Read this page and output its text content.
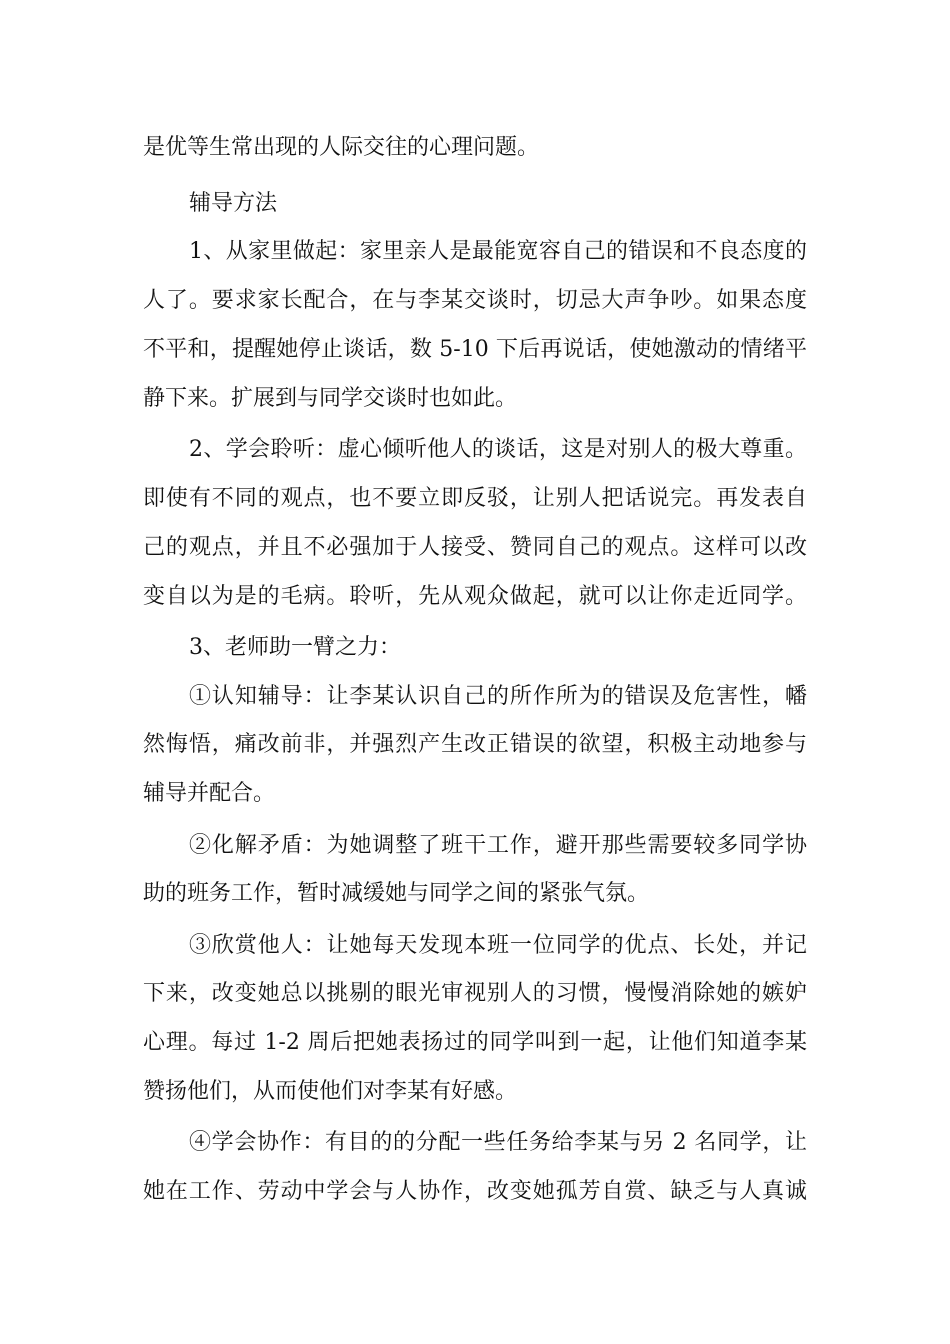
是优等生常出现的人际交往的心理问题。
辅导方法
1、从家里做起：家里亲人是最能宽容自己的错误和不良态度的
人了。要求家长配合，在与李某交谈时，切忌大声争吵。如果态度
不平和，提醒她停止谈话，数 5-10 下后再说话，使她激动的情绪平
静下来。扩展到与同学交谈时也如此。
2、学会聆听：虚心倾听他人的谈话，这是对别人的极大尊重。
即使有不同的观点，也不要立即反驳，让别人把话说完。再发表自
己的观点，并且不必强加于人接受、赞同自己的观点。这样可以改
变自以为是的毛病。聆听，先从观众做起，就可以让你走近同学。
3、老师助一臂之力：
①认知辅导：让李某认识自己的所作所为的错误及危害性，幡
然悔悟，痛改前非，并强烈产生改正错误的欲望，积极主动地参与
辅导并配合。
②化解矛盾：为她调整了班干工作，避开那些需要较多同学协
助的班务工作，暂时减缓她与同学之间的紧张气氛。
③欣赏他人：让她每天发现本班一位同学的优点、长处，并记
下来，改变她总以挑剔的眼光审视别人的习惯，慢慢消除她的嫉妒
心理。每过 1-2 周后把她表扬过的同学叫到一起，让他们知道李某
赞扬他们，从而使他们对李某有好感。
④学会协作：有目的的分配一些任务给李某与另 2 名同学，让
她在工作、劳动中学会与人协作，改变她孤芳自赏、缺乏与人真诚
